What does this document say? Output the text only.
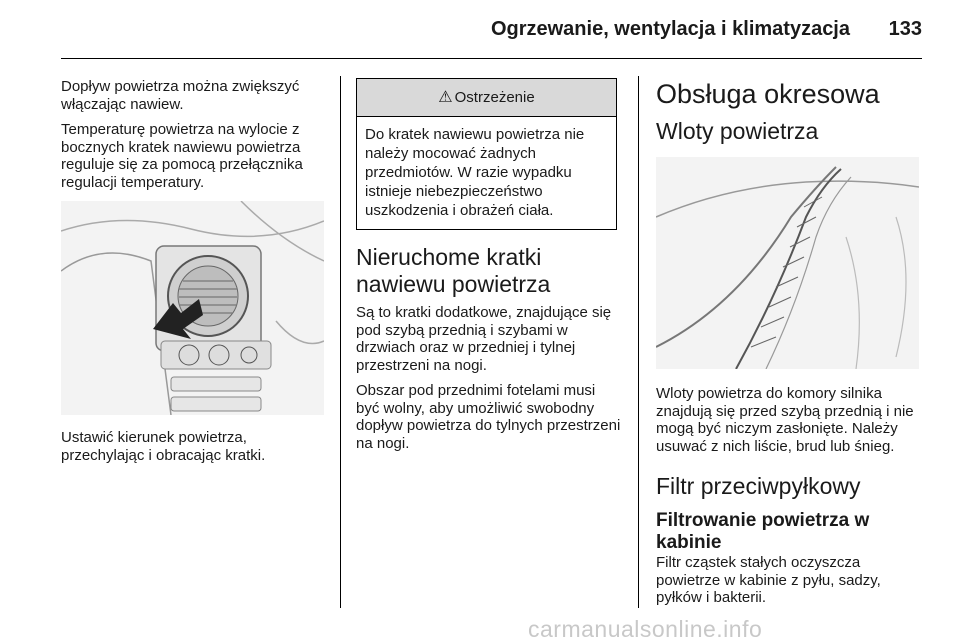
Ogrzewanie, wentylacja i klimatyzacja	133

Dopływ powietrza można zwiększyć włączając nawiew.

Temperaturę powietrza na wylocie z bocznych kratek nawiewu powietrza reguluje się za pomocą przełącznika regulacji temperatury.

Ustawić kierunek powietrza, przechylając i obracając kratki.

⚠ Ostrzeżenie
Do kratek nawiewu powietrza nie należy mocować żadnych przedmiotów. W razie wypadku istnieje niebezpieczeństwo uszkodzenia i obrażeń ciała.
Nieruchome kratki nawiewu powietrza

Są to kratki dodatkowe, znajdujące się pod szybą przednią i szybami w drzwiach oraz w przedniej i tylnej przestrzeni na nogi.

Obszar pod przednimi fotelami musi być wolny, aby umożliwić swobodny dopływ powietrza do tylnych przestrzeni na nogi.

Obsługa okresowa
Wloty powietrza

Wloty powietrza do komory silnika znajdują się przed szybą przednią i nie mogą być niczym zasłonięte. Należy usuwać z nich liście, brud lub śnieg.

Filtr przeciwpyłkowy
Filtrowanie powietrza w kabinie

Filtr cząstek stałych oczyszcza powietrze w kabinie z pyłu, sadzy, pyłków i bakterii.

carmanualsonline.info
